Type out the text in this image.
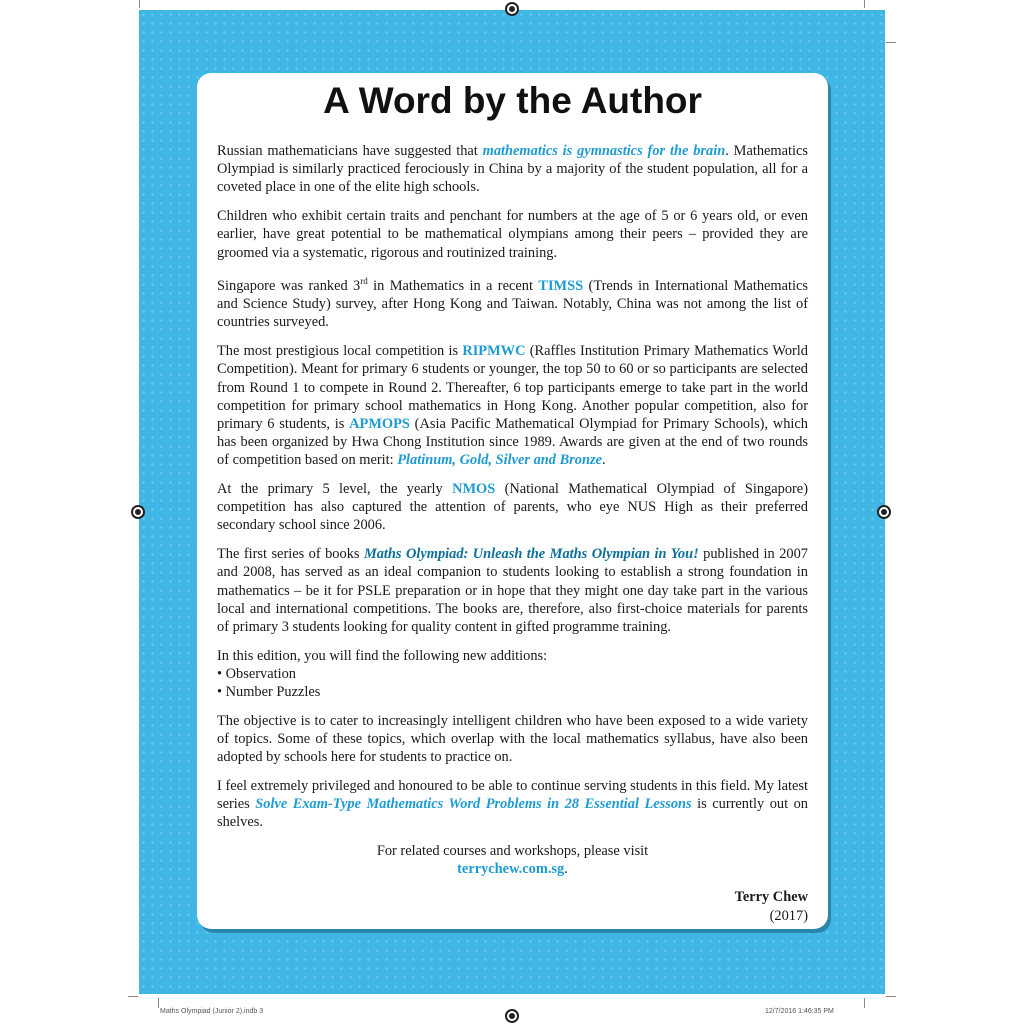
A Word by the Author

Russian mathematicians have suggested that mathematics is gymnastics for the brain. Mathematics Olympiad is similarly practiced ferociously in China by a majority of the student population, all for a coveted place in one of the elite high schools.

Children who exhibit certain traits and penchant for numbers at the age of 5 or 6 years old, or even earlier, have great potential to be mathematical olympians among their peers – provided they are groomed via a systematic, rigorous and routinized training.

Singapore was ranked 3rd in Mathematics in a recent TIMSS (Trends in International Mathematics and Science Study) survey, after Hong Kong and Taiwan. Notably, China was not among the list of countries surveyed.

The most prestigious local competition is RIPMWC (Raffles Institution Primary Mathematics World Competition). Meant for primary 6 students or younger, the top 50 to 60 or so participants are selected from Round 1 to compete in Round 2. Thereafter, 6 top participants emerge to take part in the world competition for primary school mathematics in Hong Kong. Another popular competition, also for primary 6 students, is APMOPS (Asia Pacific Mathematical Olympiad for Primary Schools), which has been organized by Hwa Chong Institution since 1989. Awards are given at the end of two rounds of competition based on merit: Platinum, Gold, Silver and Bronze.

At the primary 5 level, the yearly NMOS (National Mathematical Olympiad of Singapore) competition has also captured the attention of parents, who eye NUS High as their preferred secondary school since 2006.

The first series of books Maths Olympiad: Unleash the Maths Olympian in You! published in 2007 and 2008, has served as an ideal companion to students looking to establish a strong foundation in mathematics – be it for PSLE preparation or in hope that they might one day take part in the various local and international competitions. The books are, therefore, also first-choice materials for parents of primary 3 students looking for quality content in gifted programme training.

In this edition, you will find the following new additions:
• Observation
• Number Puzzles

The objective is to cater to increasingly intelligent children who have been exposed to a wide variety of topics. Some of these topics, which overlap with the local mathematics syllabus, have also been adopted by schools here for students to practice on.

I feel extremely privileged and honoured to be able to continue serving students in this field. My latest series Solve Exam-Type Mathematics Word Problems in 28 Essential Lessons is currently out on shelves.

For related courses and workshops, please visit
terrychew.com.sg.
Terry Chew
(2017)
Maths Olympiad (Junior 2).indb 3	12/7/2016 1:46:35 PM
